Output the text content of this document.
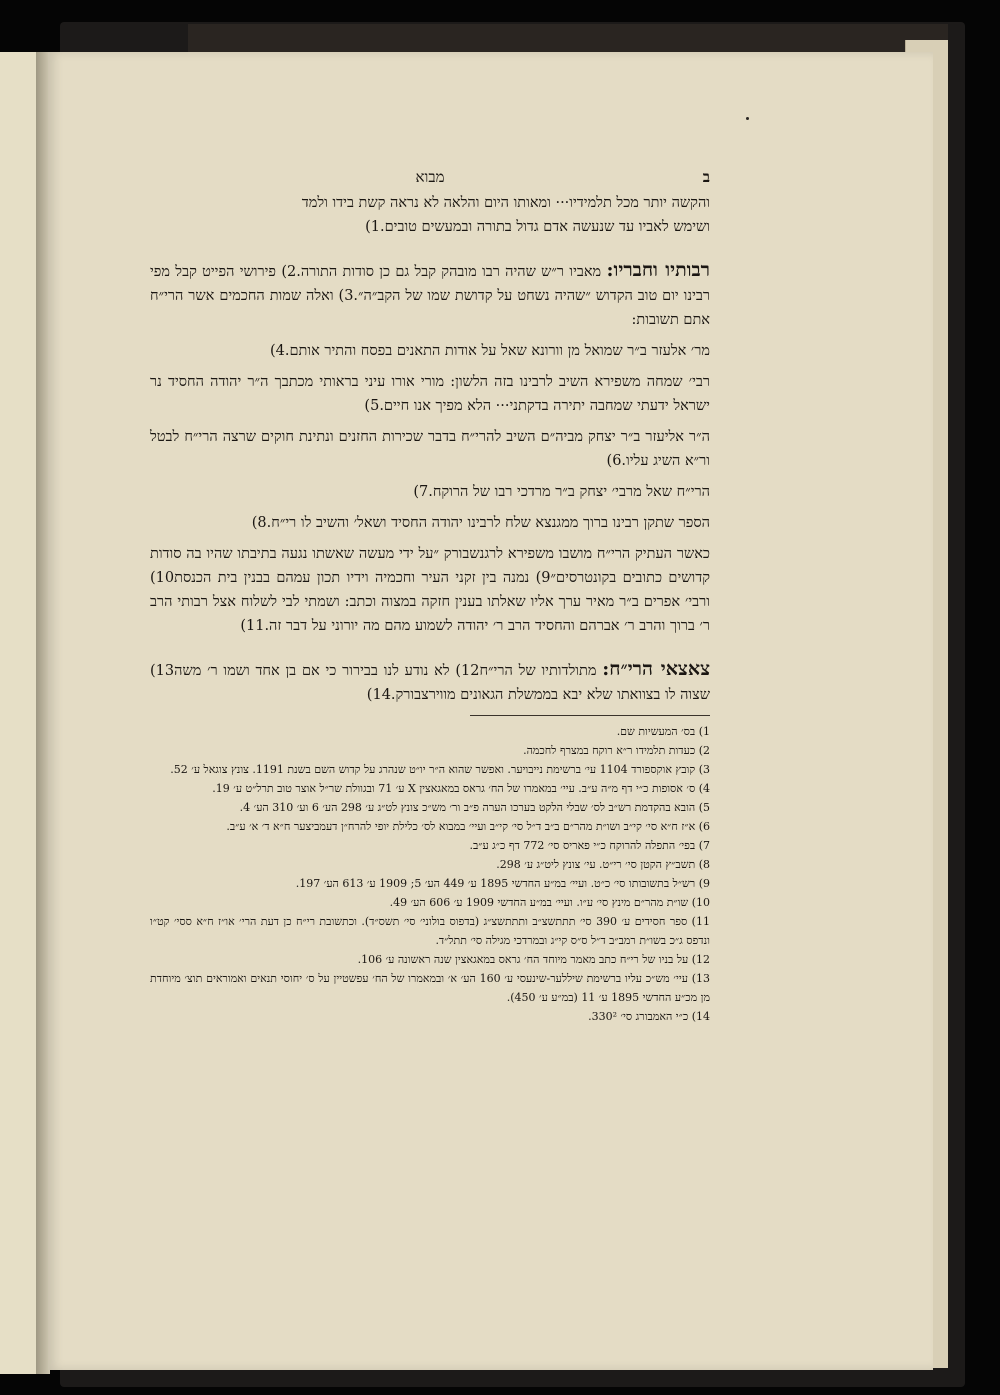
ב
מבוא

והקשה יותר מכל תלמידיו··· ומאותו היום והלאה לא נראה קשת בידו ולמד

ושימש לאביו עד שנעשה אדם גדול בתורה ובמעשים טובים.1)

רבותיו וחבריו: מאביו ר״ש שהיה רבו מובהק קבל גם כן סודות התורה.2) פירושי הפייט קבל מפי רבינו יום טוב הקדוש ״שהיה נשחט על קדושת שמו של הקב״ה״.3) ואלה שמות החכמים אשר הרי״ח אתם תשובות:

מר׳ אלעזר ב״ר שמואל מן וורונא שאל על אודות התאנים בפסח והתיר אותם.4)

רבי׳ שמחה משפירא השיב לרבינו בזה הלשון: מורי אורו עיני בראותי מכתבך ה״ר יהודה החסיד נר ישראל ידעתי שמחבה יתירה בדקתני··· הלא מפיך אנו חיים.5)

ה״ר אליעזר ב״ר יצחק מביה״ם השיב להרי״ח בדבר שכירות החזנים ונתינת חוקים שרצה הרי״ח לבטל ור״א השיג עליו.6)

הרי״ח שאל מרבי׳ יצחק ב״ר מרדכי רבו של הרוקח.7)

הספר שתקן רבינו ברוך ממגנצא שלח לרבינו יהודה החסיד ושאל׳ והשיב לו רי״ח.8)

כאשר העתיק הרי״ח מושבו משפירא לרגנשבורק ״על ידי מעשה שאשתו נגעה בתיבתו שהיו בה סודות קדושים כתובים בקונטרסים״9) נמנה בין זקני העיר וחכמיה וידיו תכון עמהם בבנין בית הכנסת10) ורבי׳ אפרים ב״ר מאיר ערך אליו שאלתו בענין חזקה במצוה וכתב: ושמתי לבי לשלוח אצל רבותי הרב ר׳ ברוך והרב ר׳ אברהם והחסיד הרב ר׳ יהודה לשמוע מהם מה יורוני על דבר זה.11)

צאצאי הרי״ח: מתולדותיו של הרי״ח12) לא נודע לנו בבירור כי אם בן אחד ושמו ר׳ משה13) שצוה לו בצוואתו שלא יבא בממשלת הגאונים מווירצבורק.14)

1) בס׳ המעשיות שם.

2) כעדות תלמידו ר״א רוקח במצרף לחכמה.

3) קובץ אוקספורד 1104 עי׳ ברשימת נייבויער. ואפשר שהוא ה״ר יו״ט שנהרג על קדוש השם בשנת 1191. צונץ צוגאל ע׳ 52.

4) ס׳ אסופות כ״י דף מ״ה ע״ב. עיי׳ במאמרו של הח׳ גראס במאגאצין X ע׳ 71 ובגוולת שר״ל אוצר טוב תרל״ט ע׳ 19.

5) הובא בהקדמת רש״ב לס׳ שבלי הלקט בערכו הערה פ״ב ור׳ מש״כ צונץ לט״ג ע׳ 298 הע׳ 6 וע׳ 310 הע׳ 4.

6) א״ז ח״א סי׳ קי״ב ושו״ת מהר״ם ב״ב ד״ל סי׳ קי״ב ועיי׳ במבוא לס׳ כלילת יופי להרח״ן דעמביצער ח״א ד׳ א׳ ע״ב.

7) בפי׳ התפלה להרוקח כ״י פאריס סי׳ 772 דף כ״ג ע״ב.

8) תשב״ץ הקטן סי׳ רי״ט. עי׳ צונץ ליט״ג ע׳ 298.

9) רש״ל בתשובותו סי׳ כ״ט. ועיי׳ במ״ע החדשי 1895 ע׳ 449 הע׳ 5; 1909 ע׳ 613 הע׳ 197.

10) שו״ת מהר״ם מינץ סי׳ ע״ו. ועיי׳ במ״ע החדשי 1909 ע׳ 606 הע׳ 49.

11) ספר חסידים ע׳ 390 סי׳ תתתשצ״ב ותתתשצ״ג (בדפוס בולוני׳ סי׳ תשס״ד). וכתשובת רי״ח כן דעת הרי׳ או״ז ח״א ססי׳ קט״ו ונדפס ג״כ בשו״ת רמב״ב ד״ל ס״ס קי״ג ובמרדכי מגילה סי׳ תתל״ד.

12) על בניו של רי״ח כתב מאמר מיוחד הח׳ גראס במאגאצין שנה ראשונה ע׳ 106.

13) עיי׳ מש״כ עליו ברשימת שיללער-שינעסי ע׳ 160 הע׳ א׳ ובמאמרו של הח׳ עפשטיין על ס׳ יחוסי תנאים ואמוראים תוצ׳ מיוחדת מן מכ״ע החדשי 1895 ע׳ 11 (במ״ע ע׳ 450).

14) כ״י האמבורג סי׳ 330².
